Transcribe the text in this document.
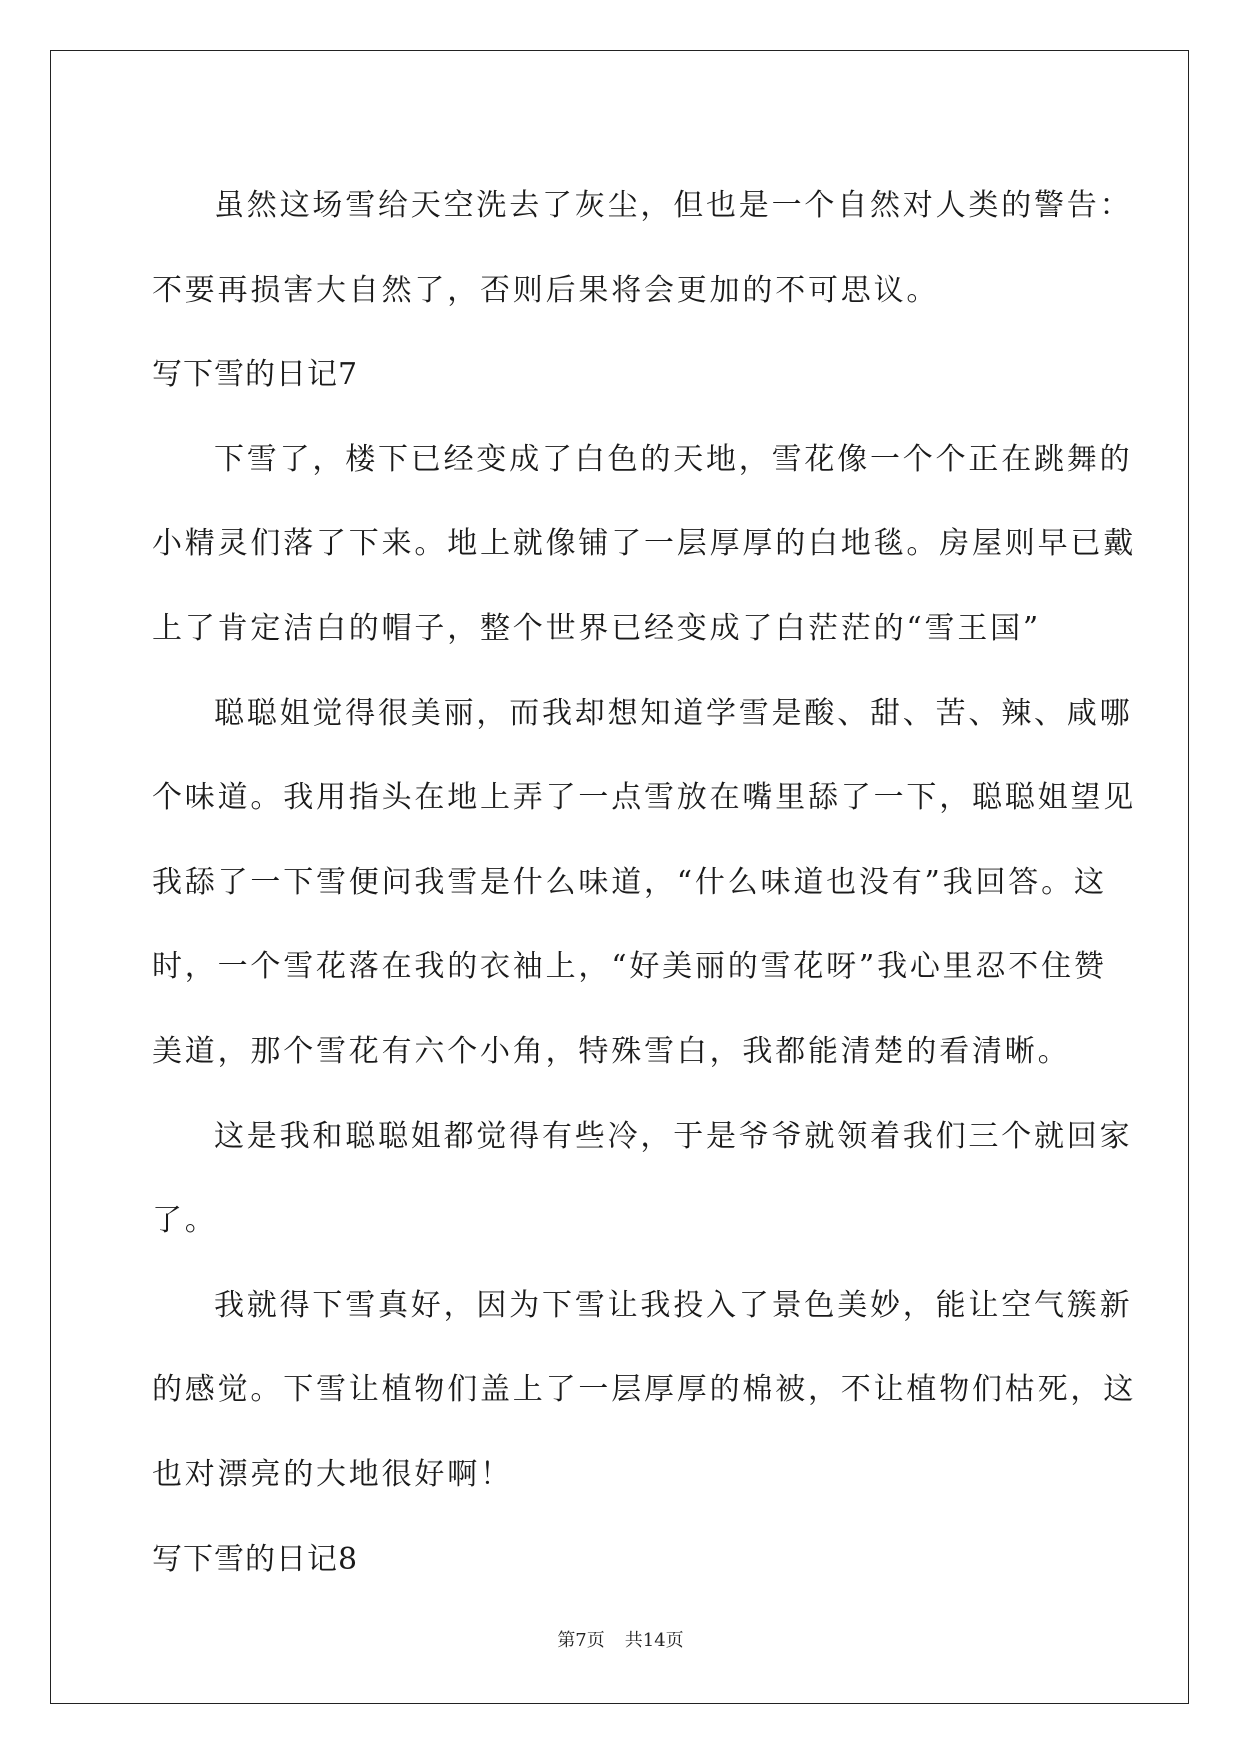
虽然这场雪给天空洗去了灰尘，但也是一个自然对人类的警告：
不要再损害大自然了，否则后果将会更加的不可思议。
写下雪的日记7
下雪了，楼下已经变成了白色的天地，雪花像一个个正在跳舞的
小精灵们落了下来。地上就像铺了一层厚厚的白地毯。房屋则早已戴
上了肯定洁白的帽子，整个世界已经变成了白茫茫的“雪王国”
聪聪姐觉得很美丽，而我却想知道学雪是酸、甜、苦、辣、咸哪
个味道。我用指头在地上弄了一点雪放在嘴里舔了一下，聪聪姐望见
我舔了一下雪便问我雪是什么味道，“什么味道也没有”我回答。这
时，一个雪花落在我的衣袖上，“好美丽的雪花呀”我心里忍不住赞
美道，那个雪花有六个小角，特殊雪白，我都能清楚的看清晰。
这是我和聪聪姐都觉得有些冷，于是爷爷就领着我们三个就回家
了。
我就得下雪真好，因为下雪让我投入了景色美妙，能让空气簇新
的感觉。下雪让植物们盖上了一层厚厚的棉被，不让植物们枯死，这
也对漂亮的大地很好啊！
写下雪的日记8
第7页 共14页
